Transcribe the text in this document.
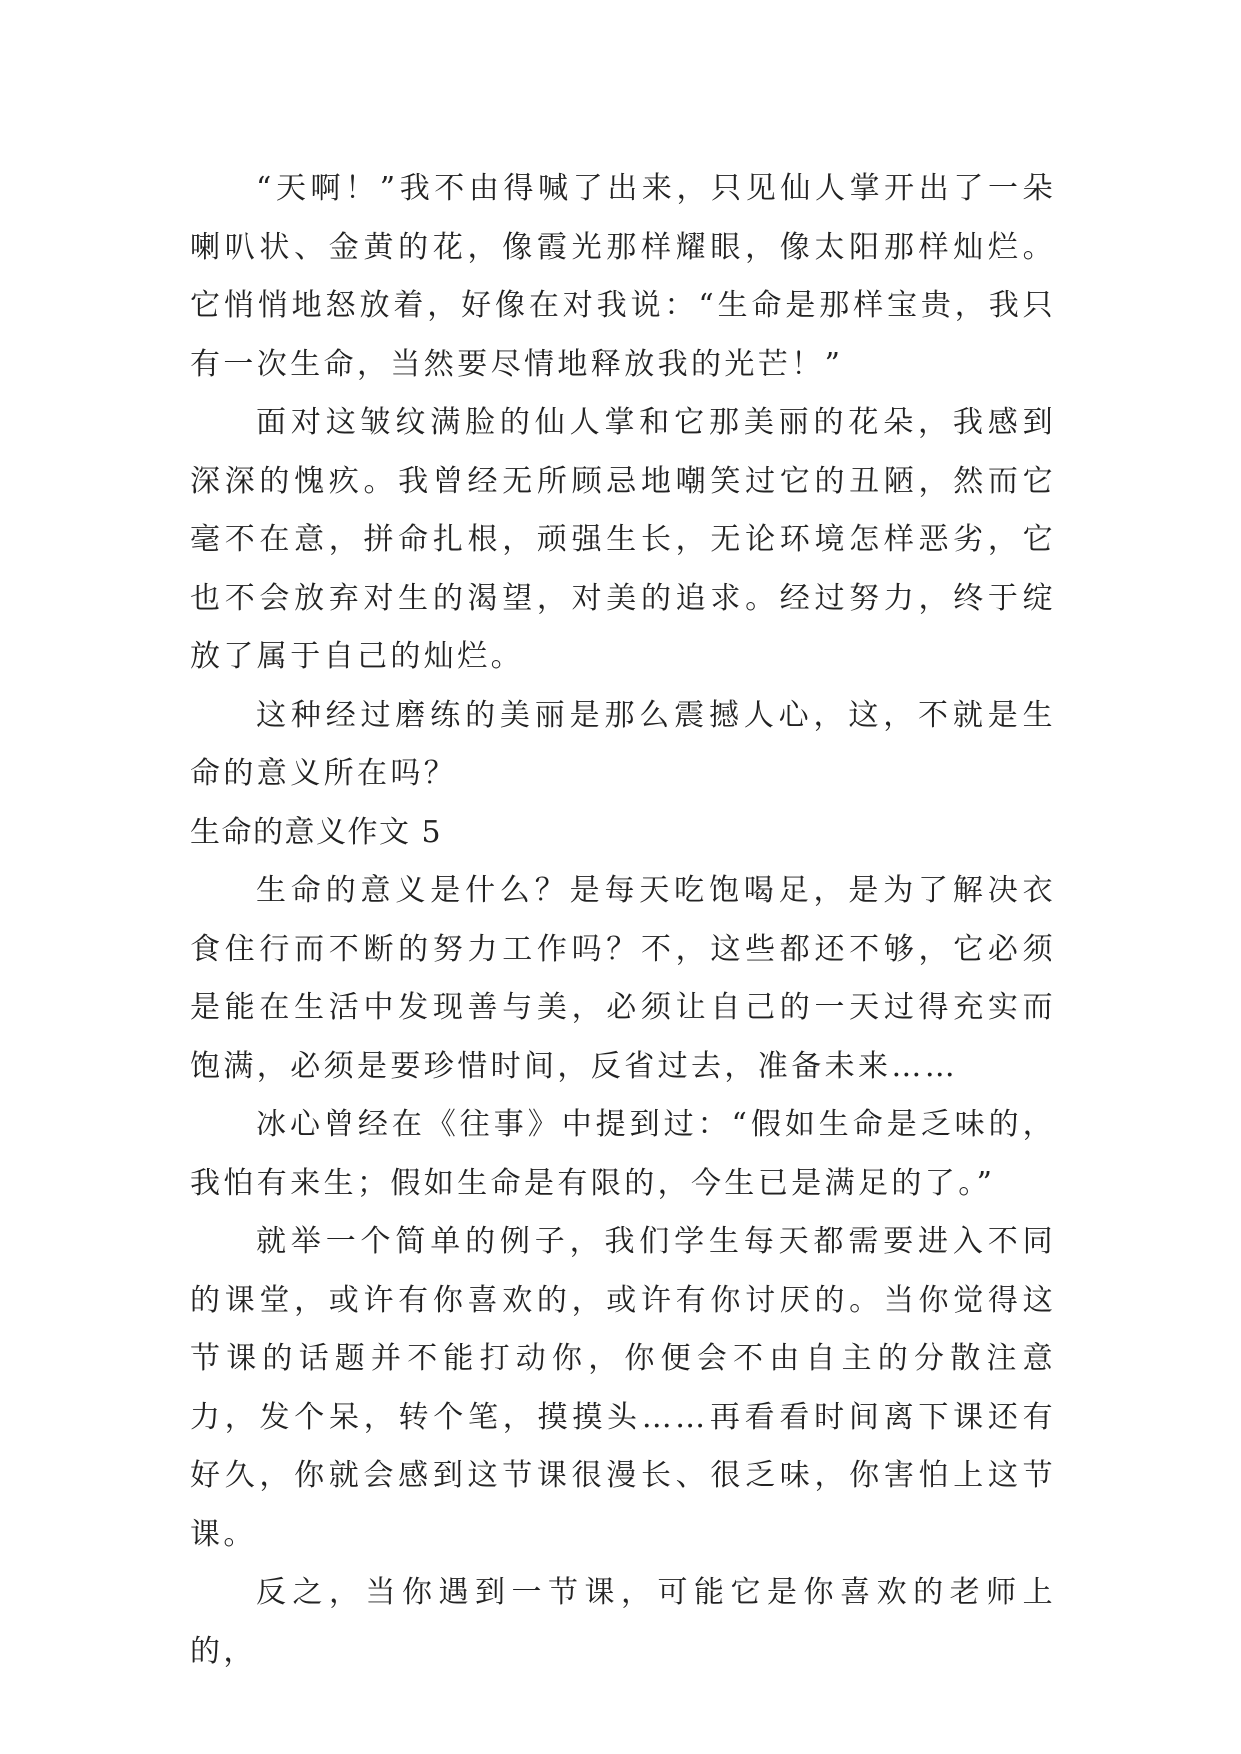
“天啊！”我不由得喊了出来，只见仙人掌开出了一朵喇叭状、金黄的花，像霞光那样耀眼，像太阳那样灿烂。它悄悄地怒放着，好像在对我说：“生命是那样宝贵，我只有一次生命，当然要尽情地释放我的光芒！”

面对这皱纹满脸的仙人掌和它那美丽的花朵，我感到深深的愧疚。我曾经无所顾忌地嘲笑过它的丑陋，然而它毫不在意，拼命扎根，顽强生长，无论环境怎样恶劣，它也不会放弃对生的渴望，对美的追求。经过努力，终于绽放了属于自己的灿烂。

这种经过磨练的美丽是那么震撼人心，这，不就是生命的意义所在吗？

生命的意义作文 5

生命的意义是什么？是每天吃饱喝足，是为了解决衣食住行而不断的努力工作吗？不，这些都还不够，它必须是能在生活中发现善与美，必须让自己的一天过得充实而饱满，必须是要珍惜时间，反省过去，准备未来……

冰心曾经在《往事》中提到过：“假如生命是乏味的，我怕有来生；假如生命是有限的，今生已是满足的了。”

就举一个简单的例子，我们学生每天都需要进入不同的课堂，或许有你喜欢的，或许有你讨厌的。当你觉得这节课的话题并不能打动你，你便会不由自主的分散注意力，发个呆，转个笔，摸摸头……再看看时间离下课还有好久，你就会感到这节课很漫长、很乏味，你害怕上这节课。

反之，当你遇到一节课，可能它是你喜欢的老师上的，
